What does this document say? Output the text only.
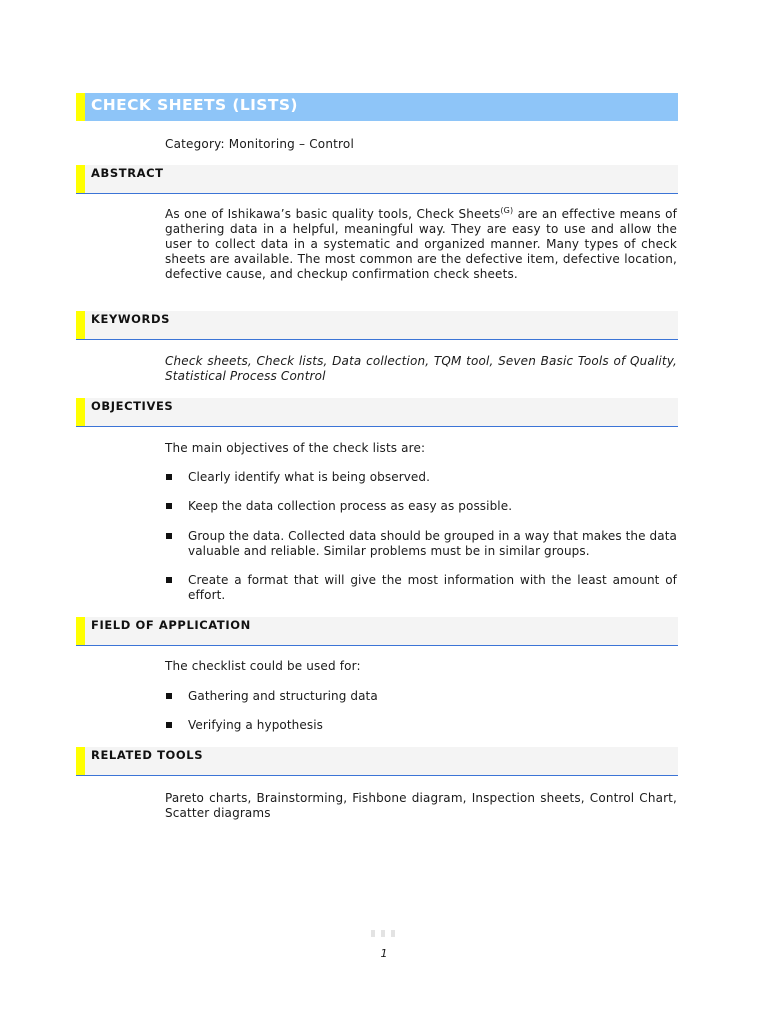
CHECK SHEETS (LISTS)
Category: Monitoring – Control
ABSTRACT
As one of Ishikawa’s basic quality tools, Check Sheets$^{(G)}$ are an effective means of gathering data in a helpful, meaningful way. They are easy to use and allow the user to collect data in a systematic and organized manner. Many types of check sheets are available. The most common are the defective item, defective location, defective cause, and checkup confirmation check sheets.
KEYWORDS
Check sheets, Check lists, Data collection, TQM tool, Seven Basic Tools of Quality, Statistical Process Control
OBJECTIVES
The main objectives of the check lists are:
Clearly identify what is being observed.
Keep the data collection process as easy as possible.
Group the data. Collected data should be grouped in a way that makes the data valuable and reliable. Similar problems must be in similar groups.
Create a format that will give the most information with the least amount of effort.
FIELD OF APPLICATION
The checklist could be used for:
Gathering and structuring data
Verifying a hypothesis
RELATED TOOLS
Pareto charts, Brainstorming, Fishbone diagram, Inspection sheets, Control Chart, Scatter diagrams
1
